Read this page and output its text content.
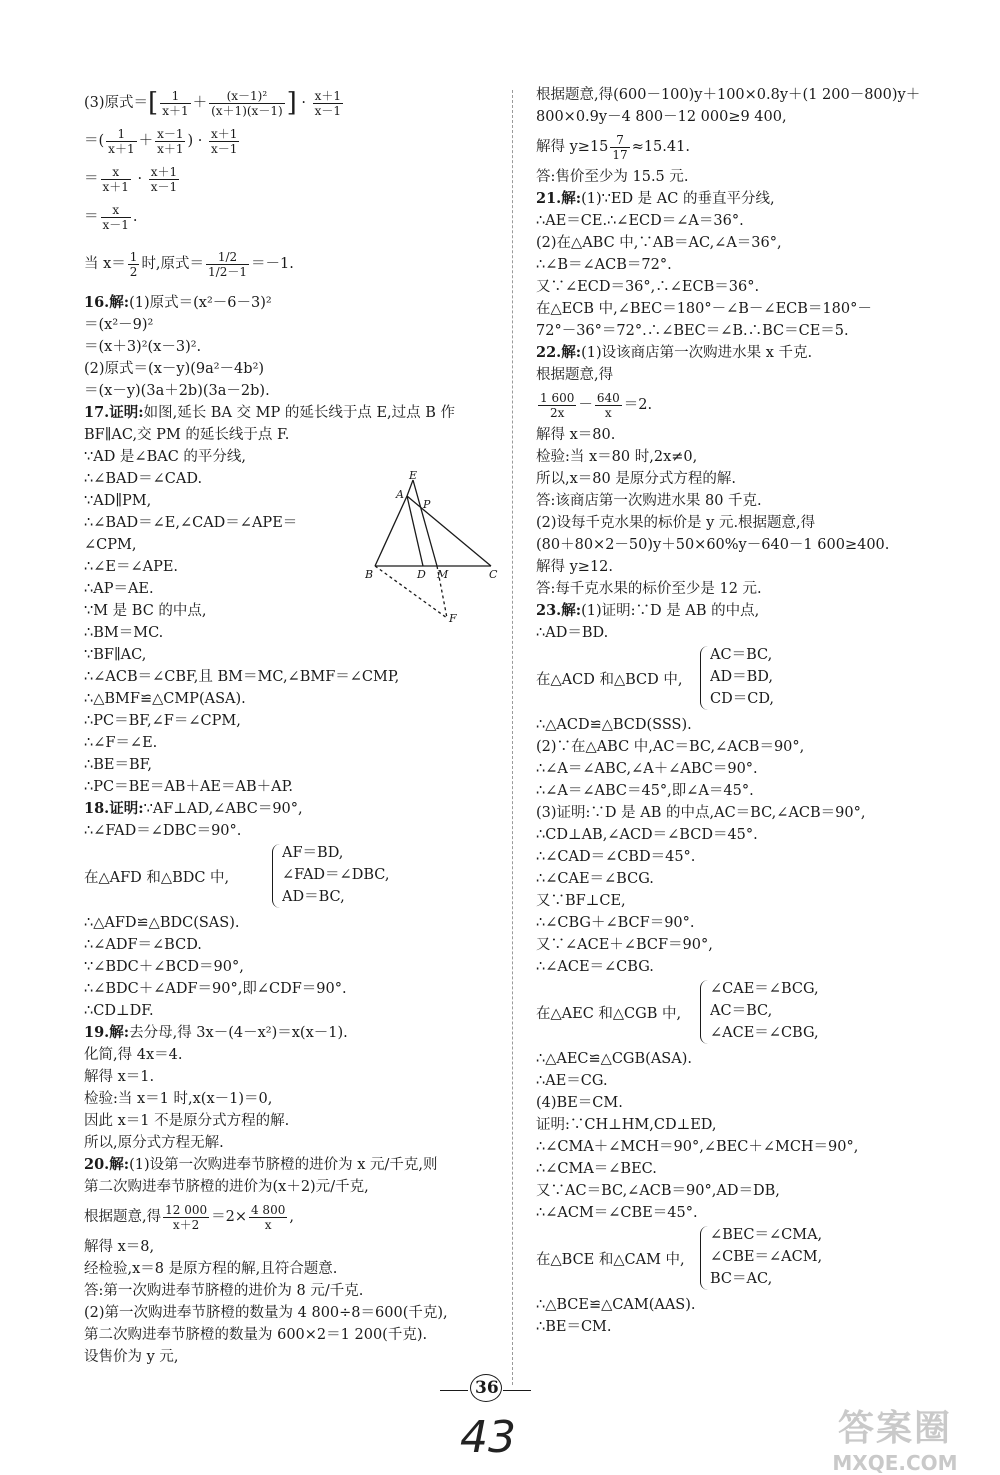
(3)原式＝[ $\frac{1}{x+1} + \frac{\text{(x－1)²}}{(x+1)(x-1)}$ ] · $\frac{x+1}{x-1}$
＝( $\frac{1}{x+1} + \frac{x-1}{x+1}$ ) · $\frac{x+1}{x-1}$
＝ $\frac{x}{x+1} \cdot \frac{x+1}{x-1}$
＝ $\frac{x}{x-1}$ .
当 $x= \frac{1}{2}$ 时,原式＝ $\frac{1/2}{1/2-1} =-1$.
16.解:(1)原式＝(x²－6－3)²
＝(x²－9)²
＝(x＋3)²(x－3)².
(2)原式＝(x－y)(9a²－4b²)
＝(x－y)(3a＋2b)(3a－2b).
17.证明:如图,延长 BA 交 MP 的延长线于点 E,过点 B 作
BF∥AC,交 PM 的延长线于点 F.
∵AD 是∠BAC 的平分线,
∴∠BAD＝∠CAD.
∵AD∥PM,
∴∠BAD＝∠E,∠CAD＝∠APE＝
∠CPM,
∴∠E＝∠APE.
∴AP＝AE.
∵M 是 BC 的中点,
∴BM＝MC.
∵BF∥AC,
∴∠ACB＝∠CBF,且 BM＝MC,∠BMF＝∠CMP,
∴△BMF≌△CMP(ASA).
∴PC＝BF,∠F＝∠CPM,
∴∠F＝∠E.
∴BE＝BF,
∴PC＝BE＝AB＋AE＝AB＋AP.
18.证明:∵AF⊥AD,∠ABC＝90°,
∴∠FAD＝∠DBC＝90°.
在△AFD 和△BDC 中,
AF＝BD,
∠FAD＝∠DBC,
AD＝BC,
∴△AFD≌△BDC(SAS).
∴∠ADF＝∠BCD.
∵∠BDC＋∠BCD＝90°,
∴∠BDC＋∠ADF＝90°,即∠CDF＝90°.
∴CD⊥DF.
19.解:去分母,得 3x－(4－x²)＝x(x－1).
化简,得 4x＝4.
解得 x＝1.
检验:当 x＝1 时,x(x－1)＝0,
因此 x＝1 不是原分式方程的解.
所以,原分式方程无解.
20.解:(1)设第一次购进奉节脐橙的进价为 x 元/千克,则
第二次购进奉节脐橙的进价为(x＋2)元/千克,
根据题意,得 $\frac{12 000}{x+2} =2\times \frac{4 800}{x}$ ,
解得 x＝8,
经检验,x＝8 是原方程的解,且符合题意.
答:第一次购进奉节脐橙的进价为 8 元/千克.
(2)第一次购进奉节脐橙的数量为 4 800÷8＝600(千克),
第二次购进奉节脐橙的数量为 600×2＝1 200(千克).
设售价为 y 元,
E
A
P
B	D M	C
F
根据题意,得(600－100)y＋100×0.8y＋(1 200－800)y＋
800×0.9y－4 800－12 000≥9 400,
解得 $y\ge 15 \frac{7}{17} \approx 15.41$.
答:售价至少为 15.5 元.
21.解:(1)∵ED 是 AC 的垂直平分线,
∴AE＝CE.∴∠ECD＝∠A＝36°.
(2)在△ABC 中,∵AB＝AC,∠A＝36°,
∴∠B＝∠ACB＝72°.
又∵∠ECD＝36°,∴∠ECB＝36°.
在△ECB 中,∠BEC＝180°－∠B－∠ECB＝180°－
72°－36°＝72°.∴∠BEC＝∠B.∴BC＝CE＝5.
22.解:(1)设该商店第一次购进水果 x 千克.
根据题意,得
$\frac{1 600}{2x} - \frac{640}{x} =2$.
解得 x＝80.
检验:当 x＝80 时,2x≠0,
所以,x＝80 是原分式方程的解.
答:该商店第一次购进水果 80 千克.
(2)设每千克水果的标价是 y 元.根据题意,得
(80＋80×2－50)y＋50×60%y－640－1 600≥400.
解得 y≥12.
答:每千克水果的标价至少是 12 元.
23.解:(1)证明:∵D 是 AB 的中点,
∴AD＝BD.
在△ACD 和△BCD 中,
AC＝BC,
AD＝BD,
CD＝CD,
∴△ACD≌△BCD(SSS).
(2)∵在△ABC 中,AC＝BC,∠ACB＝90°,
∴∠A＝∠ABC,∠A＋∠ABC＝90°.
∴∠A＝∠ABC＝45°,即∠A＝45°.
(3)证明:∵D 是 AB 的中点,AC＝BC,∠ACB＝90°,
∴CD⊥AB,∠ACD＝∠BCD＝45°.
∴∠CAD＝∠CBD＝45°.
∴∠CAE＝∠BCG.
又∵BF⊥CE,
∴∠CBG＋∠BCF＝90°.
又∵∠ACE＋∠BCF＝90°,
∴∠ACE＝∠CBG.
在△AEC 和△CGB 中,
∠CAE＝∠BCG,
AC＝BC,
∠ACE＝∠CBG,
∴△AEC≌△CGB(ASA).
∴AE＝CG.
(4)BE＝CM.
证明:∵CH⊥HM,CD⊥ED,
∴∠CMA＋∠MCH＝90°,∠BEC＋∠MCH＝90°,
∴∠CMA＝∠BEC.
又∵AC＝BC,∠ACB＝90°,AD＝DB,
∴∠ACM＝∠CBE＝45°.
在△BCE 和△CAM 中,
∠BEC＝∠CMA,
∠CBE＝∠ACM,
BC＝AC,
∴△BCE≌△CAM(AAS).
∴BE＝CM.
36
43	答案圈
MXQE.COM
